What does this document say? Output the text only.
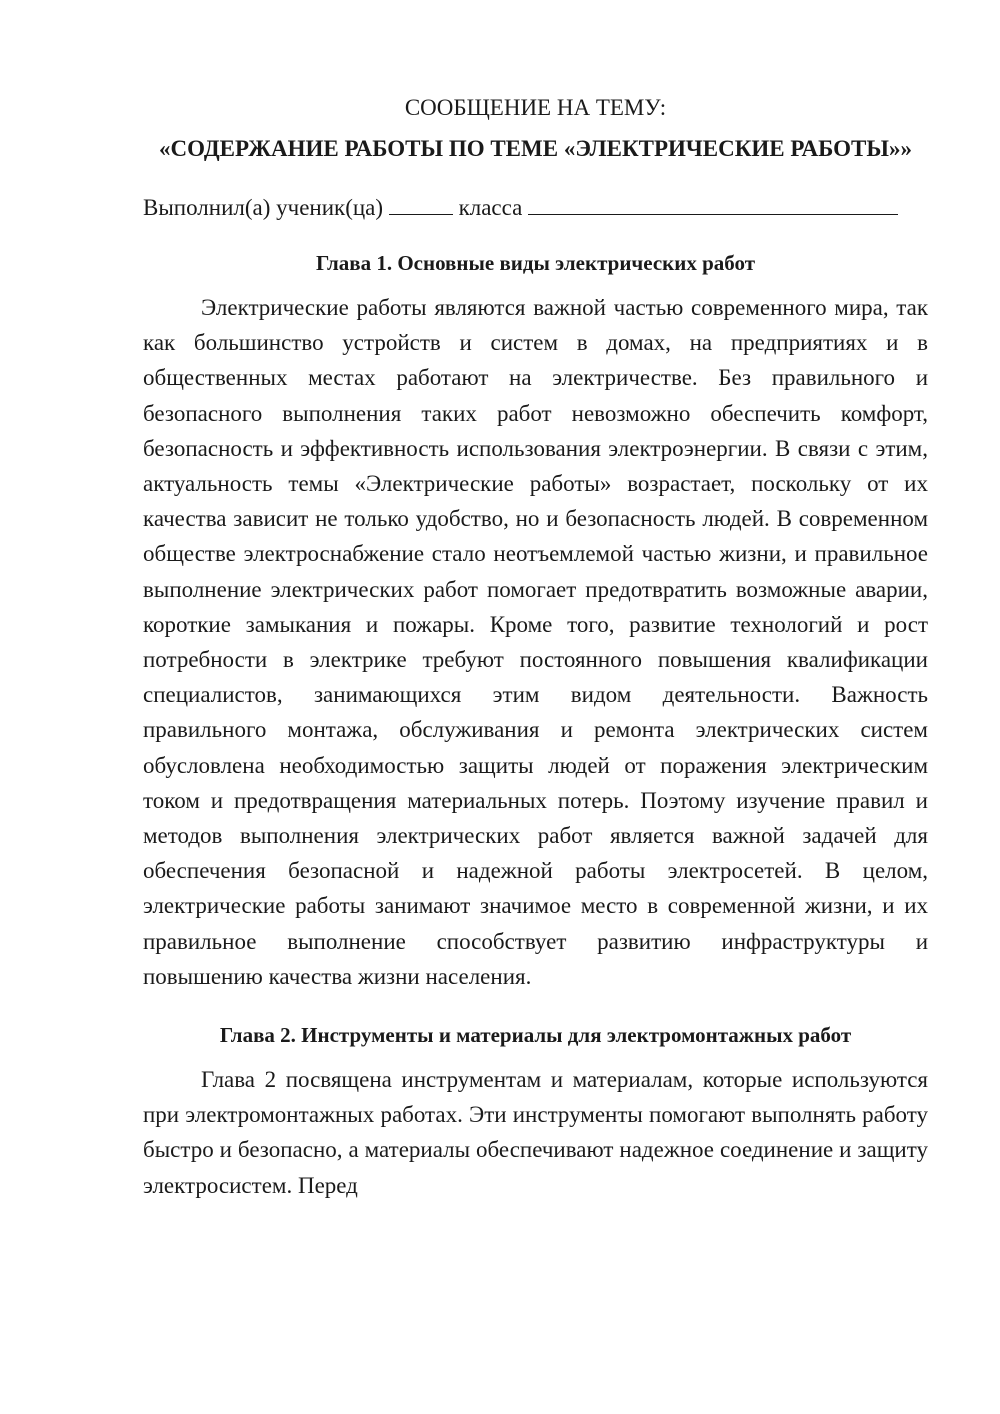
СООБЩЕНИЕ НА ТЕМУ:

«СОДЕРЖАНИЕ РАБОТЫ ПО ТЕМЕ «ЭЛЕКТРИЧЕСКИЕ РАБОТЫ»»

Выполнил(а) ученик(ца)	класса

Глава 1. Основные виды электрических работ

Электрические работы являются важной частью современного мира, так как большинство устройств и систем в домах, на предприятиях и в общественных местах работают на электричестве. Без правильного и безопасного выполнения таких работ невозможно обеспечить комфорт, безопасность и эффективность использования электроэнергии. В связи с этим, актуальность темы «Электрические работы» возрастает, поскольку от их качества зависит не только удобство, но и безопасность людей. В современном обществе электроснабжение стало неотъемлемой частью жизни, и правильное выполнение электрических работ помогает предотвратить возможные аварии, короткие замыкания и пожары. Кроме того, развитие технологий и рост потребности в электрике требуют постоянного повышения квалификации специалистов, занимающихся этим видом деятельности. Важность правильного монтажа, обслуживания и ремонта электрических систем обусловлена необходимостью защиты людей от поражения электрическим током и предотвращения материальных потерь. Поэтому изучение правил и методов выполнения электрических работ является важной задачей для обеспечения безопасной и надежной работы электросетей. В целом, электрические работы занимают значимое место в современной жизни, и их правильное выполнение способствует развитию инфраструктуры и повышению качества жизни населения.

Глава 2. Инструменты и материалы для электромонтажных работ

Глава 2 посвящена инструментам и материалам, которые используются при электромонтажных работах. Эти инструменты помогают выполнять работу быстро и безопасно, а материалы обеспечивают надежное соединение и защиту электросистем. Перед
